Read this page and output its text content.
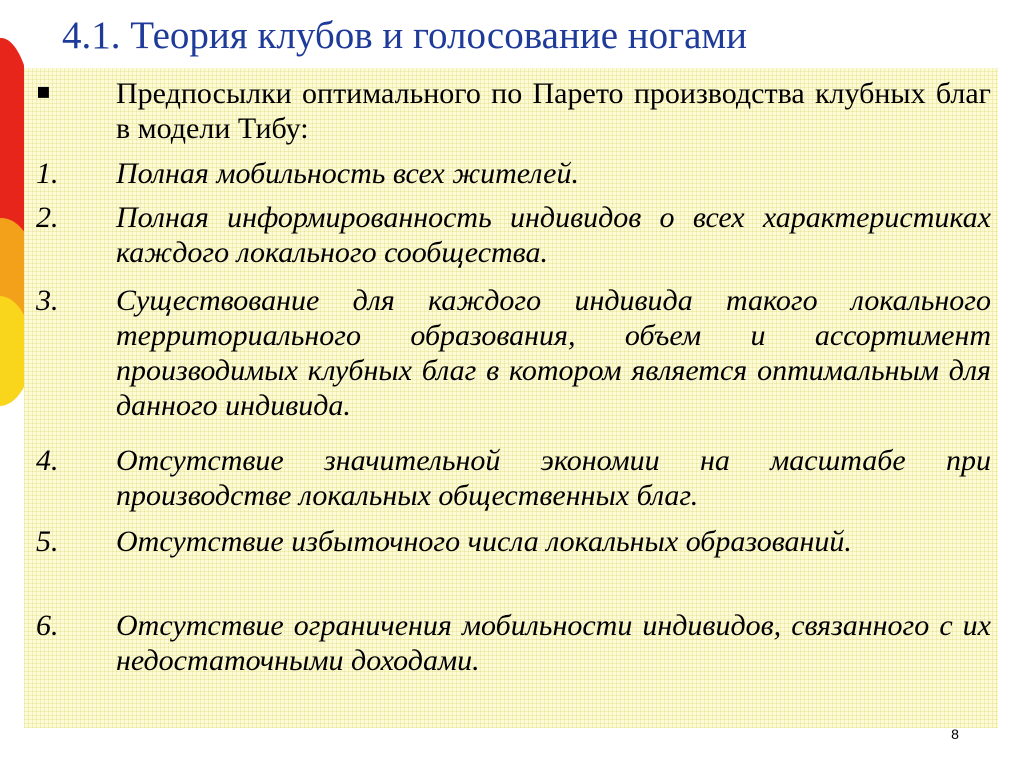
4.1. Теория клубов и голосование ногами
▪	Предпосылки оптимального по Парето производства клубных благ в модели Тибу:
1.	Полная мобильность всех жителей.
2.	Полная информированность индивидов о всех характеристиках каждого локального сообщества.
3.	Существование для каждого индивида такого локального территориального образования, объем и ассортимент производимых клубных благ в котором является оптимальным для данного индивида.
4.	Отсутствие значительной экономии на масштабе при производстве локальных общественных благ.
5.	Отсутствие избыточного числа локальных образований.
6.	Отсутствие ограничения мобильности индивидов, связанного с их недостаточными доходами.
8
